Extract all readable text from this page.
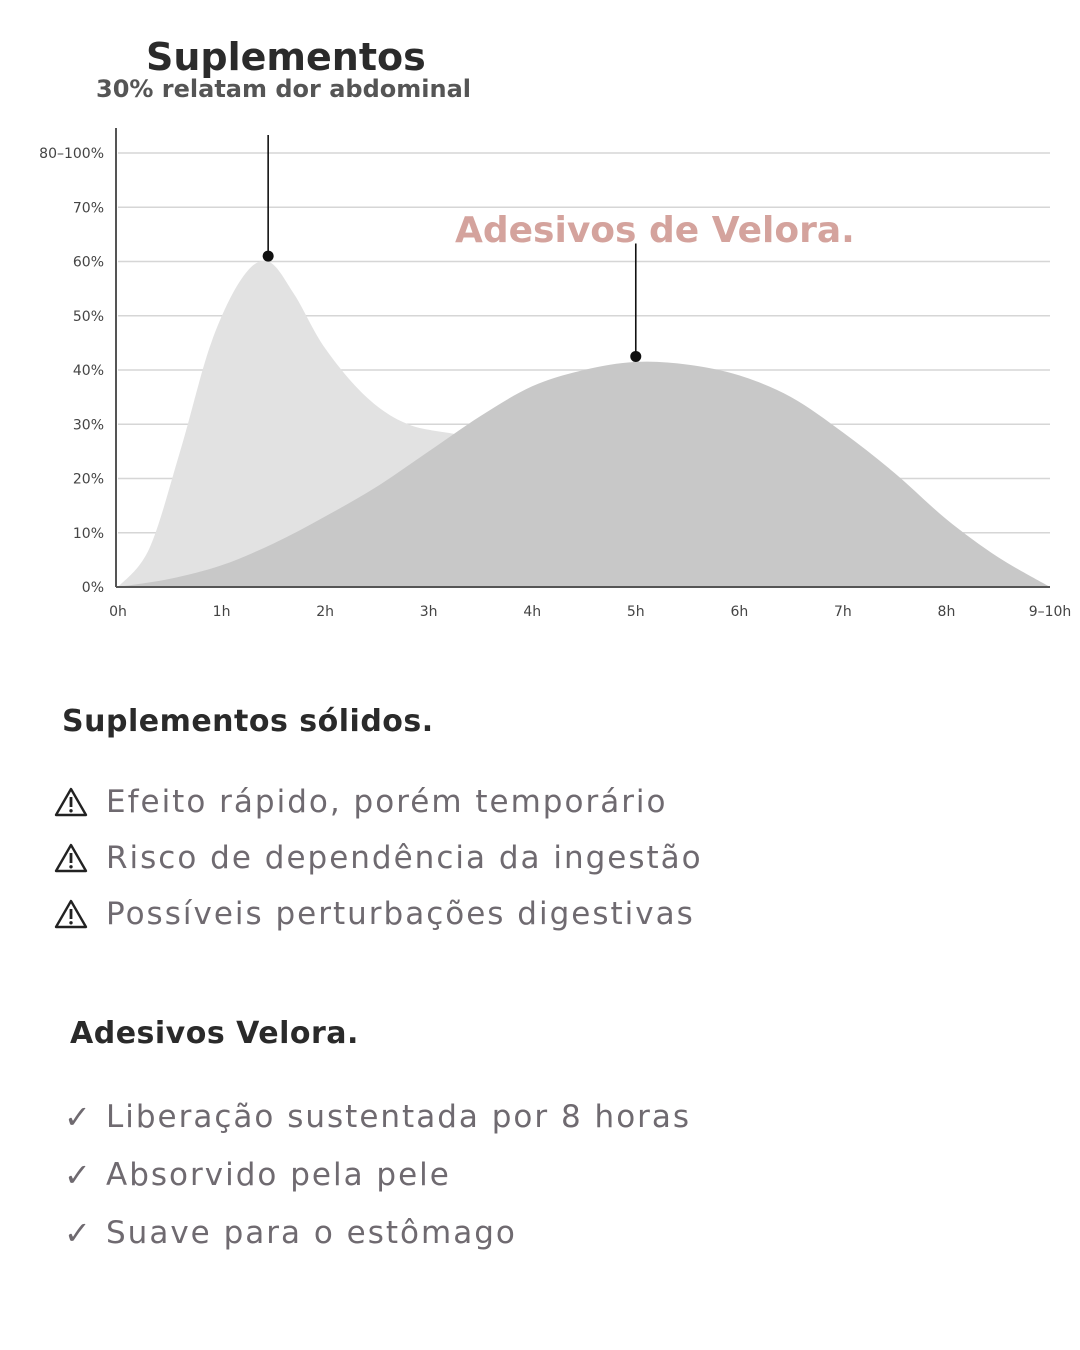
0%
10%
20%
30%
40%
50%
60%
70%
80–100%
0h	1h	2h	3h	4h	5h	6h	7h	8h	9–10h
Suplementos
30% relatam dor abdominal
Adesivos de Velora.
Suplementos sólidos.
Efeito rápido, porém temporário
Risco de dependência da ingestão
Possíveis perturbações digestivas
Adesivos Velora.
✓ Liberação sustentada por 8 horas
✓ Absorvido pela pele
✓ Suave para o estômago
